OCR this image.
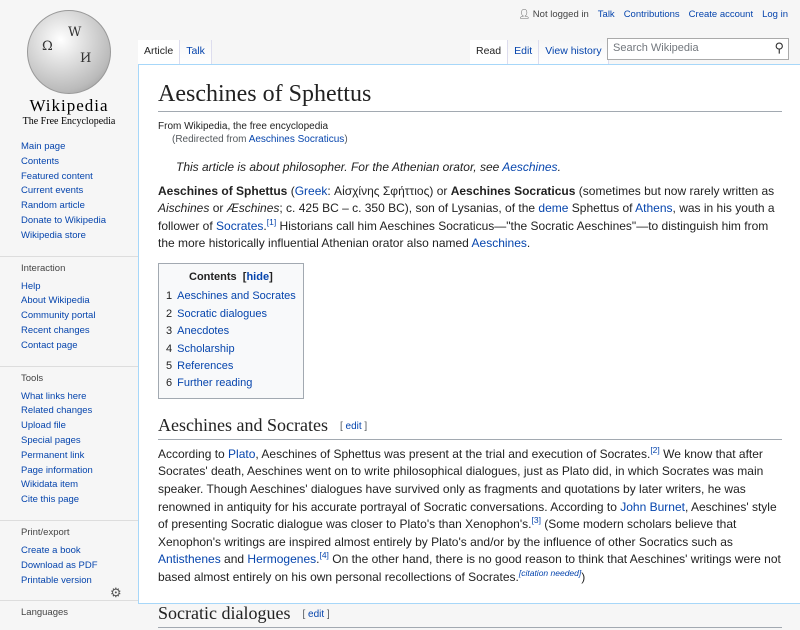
Ω
W
И
Wikipedia
The Free Encyclopedia
👤︎ Not logged in Talk Contributions Create account Log in
Article	Talk	Read	Edit	View history	Search Wikipedia	⚲
Main page
Contents
Featured content
Current events
Random article
Donate to Wikipedia
Wikipedia store
Interaction
Help
About Wikipedia
Community portal
Recent changes
Contact page
Tools
What links here
Related changes
Upload file
Special pages
Permanent link
Page information
Wikidata item
Cite this page
Print/export
Create a book
Download as PDF
Printable version
Languages
⚙
Aeschines of Sphettus
From Wikipedia, the free encyclopedia
(Redirected from Aeschines Socraticus)
This article is about philosopher. For the Athenian orator, see Aeschines.

Aeschines of Sphettus (Greek: Αἰσχίνης Σφήττιος) or Aeschines Socraticus (sometimes but now rarely written as Aischines or Æschines; c. 425 BC – c. 350 BC), son of Lysanias, of the deme Sphettus of Athens, was in his youth a follower of Socrates.[1] Historians call him Aeschines Socraticus—"the Socratic Aeschines"—to distinguish him from the more historically influential Athenian orator also named Aeschines.

Contents  [hide]
1 Aeschines and Socrates
2 Socratic dialogues
3 Anecdotes
4 Scholarship
5 References
6 Further reading
Aeschines and Socrates [ edit ]

According to Plato, Aeschines of Sphettus was present at the trial and execution of Socrates.[2] We know that after Socrates' death, Aeschines went on to write philosophical dialogues, just as Plato did, in which Socrates was main speaker. Though Aeschines' dialogues have survived only as fragments and quotations by later writers, he was renowned in antiquity for his accurate portrayal of Socratic conversations. According to John Burnet, Aeschines' style of presenting Socratic dialogue was closer to Plato's than Xenophon's.[3] (Some modern scholars believe that Xenophon's writings are inspired almost entirely by Plato's and/or by the influence of other Socratics such as Antisthenes and Hermogenes.[4] On the other hand, there is no good reason to think that Aeschines' writings were not based almost entirely on his own personal recollections of Socrates.[citation needed])

Socratic dialogues [ edit ]
